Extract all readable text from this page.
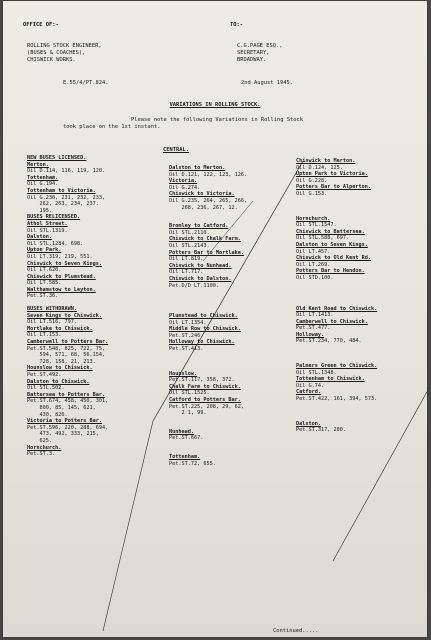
OFFICE OF:-	TO:-
ROLLING STOCK ENGINEER,
(BUSES & COACHES),
CHISWICK WORKS.
C.G.PAGE ESQ.,
SECRETARY,
BROADWAY.
E.55/4/PT.824.	2nd August 1945.
VARIATIONS IN ROLLING STOCK.
Please note the following Variations in Rolling Stock
took place on the 1st instant.
CENTRAL.
NEW BUSES LICENSED.
Merton.
Oil D.114, 116, 119, 120.
Tottenham.
Oil G.194.
Tottenham to Victoria.
Oil G.230, 231, 232, 233,
262, 263, 234, 237.
195.
BUSES RELICENSED.
Athol Street.
Oil STL.1319.
Dalston.
Oil STL.1284, 698.
Upton Park.
Oil LT.319, 219, 551.
Chiswick to Seven Kings.
Oil LT.620.
Chiswick to Plumstead.
Oil LT.585.
Walthamstow to Leyton.
Pet.ST.36.
BUSES WITHDRAWN.
Seven Kings to Chiswick.
Oil LT.516, 797.
Mortlake to Chiswick.
Oil LT.153.
Camberwell to Potters Bar.
Pet.ST.548, 825, 722, 75,
594, 571, 68, 56,154,
728, 158, 21, 213.
Hounslow to Chiswick.
Pet.ST.492.
Dalston to Chiswick.
Oil STL.502.
Battersea to Potters Bar.
Pet.ST.674, 458, 450, 301,
800, 85, 145, 621,
430, 826.
Victoria to Potters Bar.
Pet.ST.596, 220, 288, 694,
473, 492, 333, 215,
625.
Hornchurch.
Pet.ST.3.
Dalston to Merton.
Oil D.121, 122, 123, 126.
Victoria.
Oil G.274.
Chiswick to Victoria.
Oil G.235, 264, 265, 266,
268, 236, 267, 12.
Bromley to Catford.
Oil STL.2110.
Chiswick to Chalk Farm.
Oil STL.2143.
Potters Bar to Mortlake.
Oil LT.819.
Chiswick to Nunhead.
Oil LT.717.
Chiswick to Dalston.
Pet.D/D LT.1100.
Plumstead to Chiswick.
Oil LT.1354.
Middle Row to Chiswick.
Pet.ST.246.
Holloway to Chiswick.
Pet.ST.413.
Hounslow.
Pet.ST.117, 358, 372.
Chalk Farm to Chiswick.
Oil STL.1525.
Catford to Potters Bar.
Pet.ST.225, 208, 29, 62,
2 1, 99.
Nunhead.
Pet.ST.667.
Tottenham.
Pet.ST.72, 655.
Chiswick to Merton.
Oil D.124, 125.
Upton Park to Victoria.
Oil G.228.
Potters Bar to Alperton.
Oil G.153.
Hornchurch.
Oil STL.1547.
Chiswick to Battersea.
Oil STL.588, 697.
Dalston to Seven Kings.
Oil LT.457.
Chiswick to Old Kent Rd.
Oil LT.269.
Potters Bar to Hendon.
Oil STD.100.
Old Kent Road to Chiswick.
Oil LT.1413.
Camberwell to Chiswick.
Pet.ST.477.
Holloway.
Pet.ST.234, 770, 484.
Palmers Green to Chiswick.
Oil STL.1348.
Tottenham to Chiswick.
Oil G.74.
Catford.
Pet.ST.422, 161, 394, 573.
Dalston.
Pet.ST.317, 200.
Continued.....
